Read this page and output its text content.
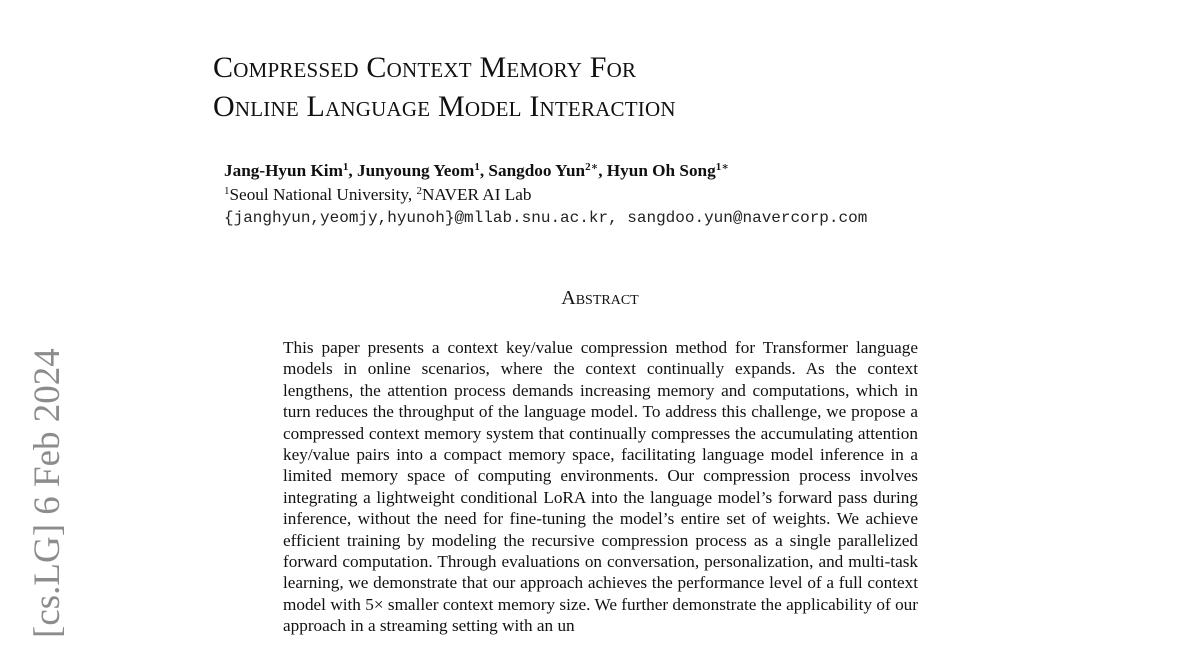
[cs.LG] 6 Feb 2024
Compressed Context Memory For
Online Language Model Interaction
Jang-Hyun Kim$^1$, Junyoung Yeom$^1$, Sangdoo Yun$^{2∗}$, Hyun Oh Song$^{1∗}$
$^1$Seoul National University, $^2$NAVER AI Lab
{janghyun,yeomjy,hyunoh}@mllab.snu.ac.kr, sangdoo.yun@navercorp.com
Abstract

This paper presents a context key/value compression method for Transformer language models in online scenarios, where the context continually expands. As the context lengthens, the attention process demands increasing memory and computations, which in turn reduces the throughput of the language model. To address this challenge, we propose a compressed context memory system that continually compresses the accumulating attention key/value pairs into a compact memory space, facilitating language model inference in a limited memory space of computing environments. Our compression process involves integrating a lightweight conditional LoRA into the language model’s forward pass during inference, without the need for fine-tuning the model’s entire set of weights. We achieve efficient training by modeling the recursive compression process as a single parallelized forward computation. Through evaluations on conversation, personalization, and multi-task learning, we demonstrate that our approach achieves the performance level of a full context model with 5× smaller context memory size. We further demonstrate the applicability of our approach in a streaming setting with an un
